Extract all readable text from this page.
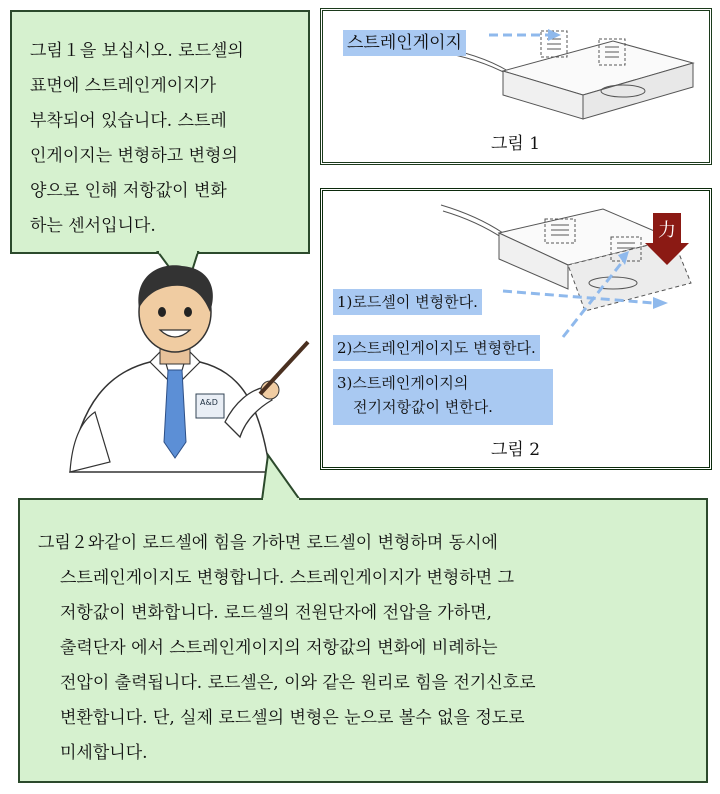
그림１을 보십시오. 로드셀의
표면에 스트레인게이지가
부착되어 있습니다. 스트레
인게이지는 변형하고 변형의
양으로 인해 저항값이 변화
하는 센서입니다.
스트레인게이지
그림 1
力
1)로드셀이 변형한다.
2)스트레인게이지도 변형한다.
3)스트레인게이지의
전기저항값이 변한다.
그림 2
A&D
그림２와같이 로드셀에 힘을 가하면 로드셀이 변형하며 동시에
스트레인게이지도 변형합니다. 스트레인게이지가 변형하면 그
저항값이 변화합니다. 로드셀의 전원단자에 전압을 가하면,
출력단자 에서 스트레인게이지의 저항값의 변화에 비례하는
전압이 출력됩니다. 로드셀은, 이와 같은 원리로 힘을 전기신호로
변환합니다. 단, 실제 로드셀의 변형은 눈으로 볼수 없을 정도로
미세합니다.
